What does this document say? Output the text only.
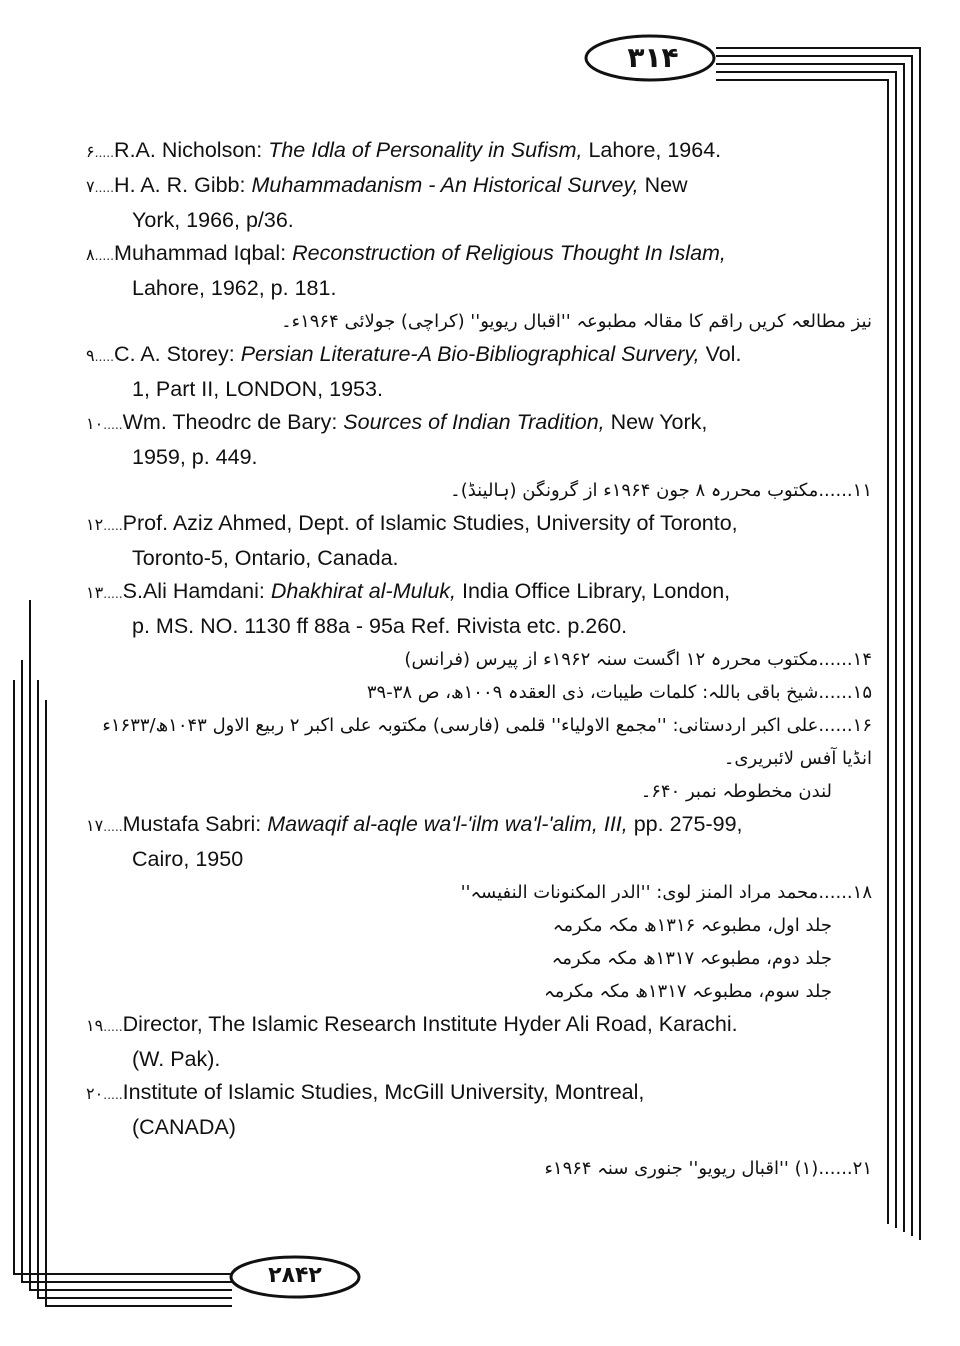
۳۱۴
۲۸۴۲

۶.....R.A. Nicholson: The Idla of Personality in Sufism, Lahore, 1964.

۷.....H. A. R. Gibb: Muhammadanism - An Historical Survey, New
York, 1966, p/36.

۸.....Muhammad Iqbal: Reconstruction of Religious Thought In Islam,
Lahore, 1962, p. 181.

نیز مطالعہ کریں راقم کا مقالہ مطبوعہ ''اقبال ریویو'' (کراچی) جولائی ۱۹۶۴ء۔

۹.....C. A. Storey: Persian Literature-A Bio-Bibliographical Survery, Vol.
1, Part II, LONDON, 1953.

۱۰.....Wm. Theodrc de Bary: Sources of Indian Tradition, New York,
1959, p. 449.

۱۱......مکتوب محررہ ۸ جون ۱۹۶۴ء از گرونگن (ہالینڈ)۔

۱۲.....Prof. Aziz Ahmed, Dept. of Islamic Studies, University of Toronto,
Toronto-5, Ontario, Canada.

۱۳.....S.Ali Hamdani: Dhakhirat al-Muluk, India Office Library, London,
p. MS. NO. 1130 ff 88a - 95a Ref. Rivista etc. p.260.

۱۴......مکتوب محررہ ۱۲ اگست سنہ ۱۹۶۲ء از پیرس (فرانس)

۱۵......شیخ باقی باللہ: کلمات طیبات، ذی العقدہ ۱۰۰۹ھ، ص ۳۸-۳۹

۱۶......علی اکبر اردستانی: ''مجمع الاولیاء'' قلمی (فارسی) مکتوبہ علی اکبر ۲ ربیع الاول ۱۰۴۳ھ/۱۶۳۳ء انڈیا آفس لائبریری۔

لندن مخطوطہ نمبر ۶۴۰۔

۱۷.....Mustafa Sabri: Mawaqif al-aqle wa'l-'ilm wa'l-'alim, III, pp. 275-99,
Cairo, 1950

۱۸......محمد مراد المنز لوی: ''الدر المکنونات النفیسہ''

جلد اول، مطبوعہ ۱۳۱۶ھ مکہ مکرمہ

جلد دوم، مطبوعہ ۱۳۱۷ھ مکہ مکرمہ

جلد سوم، مطبوعہ ۱۳۱۷ھ مکہ مکرمہ

۱۹.....Director, The Islamic Research Institute Hyder Ali Road, Karachi.
(W. Pak).

۲۰.....Institute of Islamic Studies, McGill University, Montreal,
(CANADA)

۲۱......(۱) ''اقبال ریویو'' جنوری سنہ ۱۹۶۴ء
